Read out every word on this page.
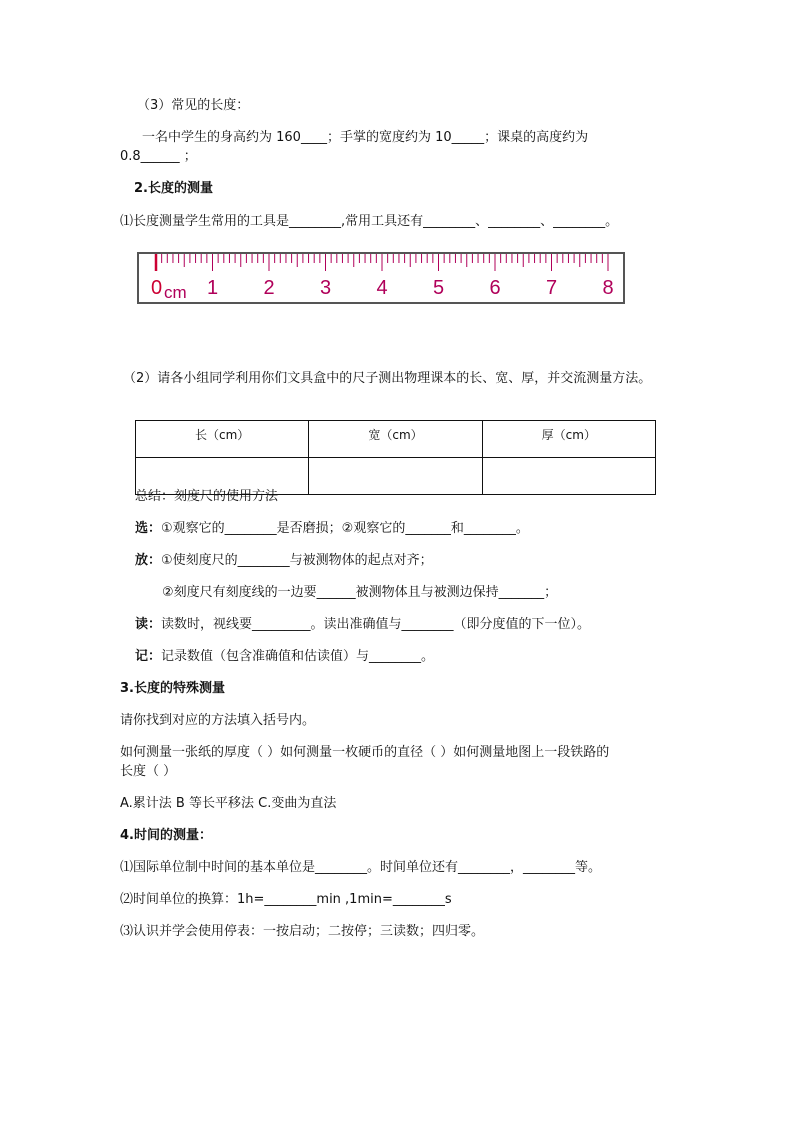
（3）常见的长度：
一名中学生的身高约为 160____；手掌的宽度约为 10_____；课桌的高度约为
0.8______ ；
2.长度的测量
⑴长度测量学生常用的工具是________,常用工具还有________、________、________。
0 cm 1 2 3 4 5 6 7 8
（2）请各小组同学利用你们文具盒中的尺子测出物理课本的长、宽、厚，并交流测量方法。
长（cm）	宽（cm）	厚（cm）

总结：刻度尺的使用方法
选：①观察它的________是否磨损；②观察它的_______和________。
放：①使刻度尺的________与被测物体的起点对齐；
②刻度尺有刻度线的一边要______被测物体且与被测边保持_______；
读：读数时，视线要_________。读出准确值与________（即分度值的下一位）。
记：记录数值（包含准确值和估读值）与________。
3.长度的特殊测量
请你找到对应的方法填入括号内。
如何测量一张纸的厚度（ ）如何测量一枚硬币的直径（ ）如何测量地图上一段铁路的
长度（ ）
A.累计法 B 等长平移法 C.变曲为直法
4.时间的测量：
⑴国际单位制中时间的基本单位是________。时间单位还有________，________等。
⑵时间单位的换算：1h=________min ,1min=________s
⑶认识并学会使用停表：一按启动；二按停；三读数；四归零。
